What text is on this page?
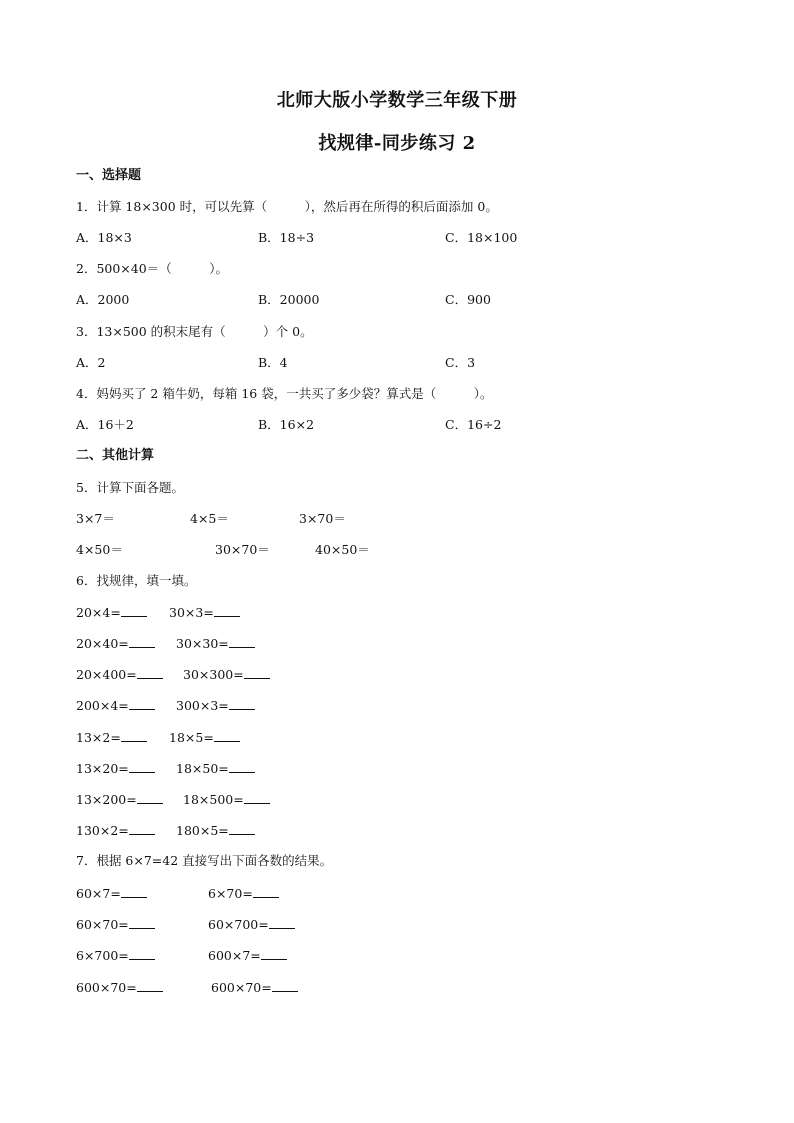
北师大版小学数学三年级下册
找规律-同步练习 2
一、选择题
1．计算 18×300 时，可以先算（　　　），然后再在所得的积后面添加 0。
A．18×3	B．18÷3	C．18×100
2．500×40＝（　　　）。
A．2000	B．20000	C．900
3．13×500 的积末尾有（　　　）个 0。
A．2	B．4	C．3
4．妈妈买了 2 箱牛奶，每箱 16 袋，一共买了多少袋？算式是（　　　）。
A．16＋2	B．16×2	C．16÷2
二、其他计算
5．计算下面各题。
3×7＝	4×5＝	3×70＝
4×50＝	30×70＝	40×50＝
6．找规律，填一填。
20×4=	30×3=
20×40=	30×30=
20×400=	30×300=
200×4=	300×3=
13×2=	18×5=
13×20=	18×50=
13×200=	18×500=
130×2=	180×5=
7．根据 6×7=42 直接写出下面各数的结果。
60×7=	6×70=
60×70=	60×700=
6×700=	600×7=
600×70=	600×70=
